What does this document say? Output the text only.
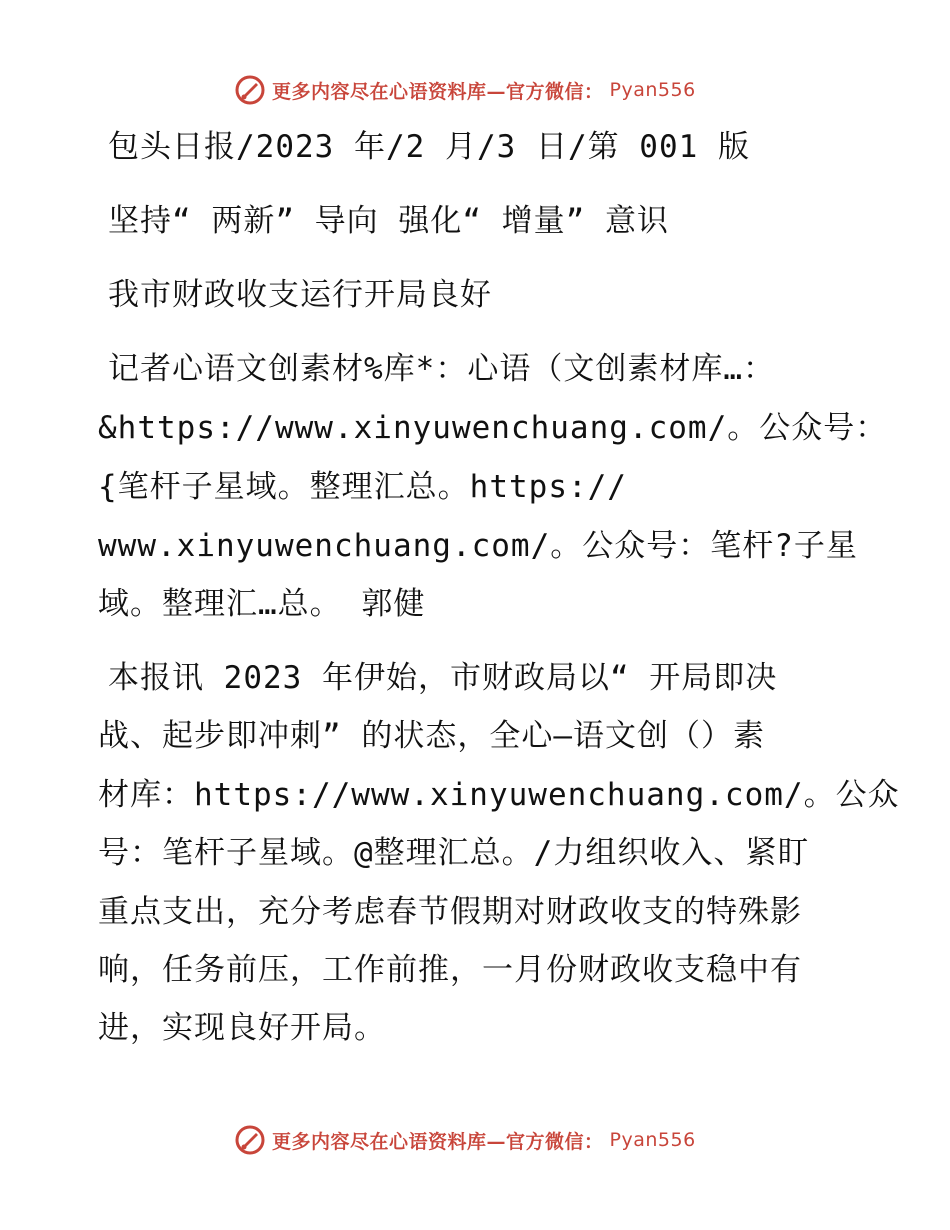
更多内容尽在心语资料库—官方微信： Pyan556
包头日报/2023 年/2 月/3 日/第 001 版
坚持“ 两新” 导向 强化“ 增量” 意识
我市财政收支运行开局良好
记者心语文创素材%库*：心语（文创素材库…：
&https://www.xinyuwenchuang.com/。公众号：
{笔杆子星域。整理汇总。https://
www.xinyuwenchuang.com/。公众号：笔杆?子星
域。整理汇…总。 郭健
本报讯 2023 年伊始，市财政局以“ 开局即决
战、起步即冲刺” 的状态，全心—语文创（）素
材库：https://www.xinyuwenchuang.com/。公众
号：笔杆子星域。@整理汇总。/力组织收入、紧盯
重点支出，充分考虑春节假期对财政收支的特殊影
响，任务前压，工作前推，一月份财政收支稳中有
进，实现良好开局。
更多内容尽在心语资料库—官方微信： Pyan556
